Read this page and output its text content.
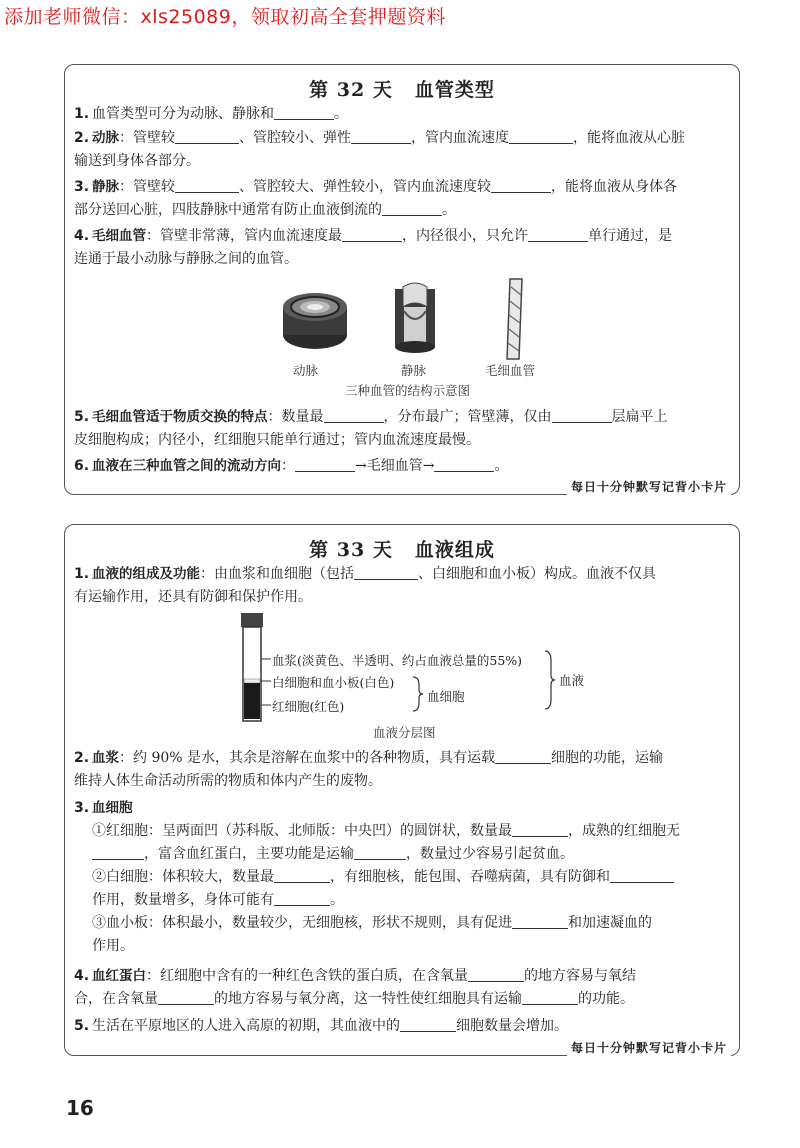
添加老师微信：xls25089，领取初高全套押题资料
第 32 天 血管类型
1. 血管类型可分为动脉、静脉和	。
2. 动脉：管壁较	、管腔较小、弹性	，管内血流速度	，能将血液从心脏
输送到身体各部分。
3. 静脉：管壁较	、管腔较大、弹性较小，管内血流速度较	，能将血液从身体各
部分送回心脏，四肢静脉中通常有防止血液倒流的	。
4. 毛细血管：管壁非常薄，管内血流速度最	，内径很小，只允许	单行通过，是
连通于最小动脉与静脉之间的血管。
动脉	静脉	毛细血管
三种血管的结构示意图
5. 毛细血管适于物质交换的特点：数量最	，分布最广；管壁薄，仅由	层扁平上
皮细胞构成；内径小，红细胞只能单行通过；管内血流速度最慢。
6. 血液在三种血管之间的流动方向：	→毛细血管→	。
每日十分钟默写记背小卡片
第 33 天 血液组成
1. 血液的组成及功能：由血浆和血细胞（包括	、白细胞和血小板）构成。血液不仅具
有运输作用，还具有防御和保护作用。
血浆(淡黄色、半透明、约占血液总量的55%)
白细胞和血小板(白色)
红细胞(红色)
血细胞
血液
血液分层图
2. 血浆：约 90% 是水，其余是溶解在血浆中的各种物质，具有运载	细胞的功能，运输
维持人体生命活动所需的物质和体内产生的废物。
3. 血细胞

①红细胞：呈两面凹（苏科版、北师版：中央凹）的圆饼状，数量最	，成熟的红细胞无
，富含血红蛋白，主要功能是运输	，数量过少容易引起贫血。
②白细胞：体积较大，数量最	，有细胞核，能包围、吞噬病菌，具有防御和
作用，数量增多，身体可能有	。
③血小板：体积最小，数量较少，无细胞核，形状不规则，具有促进	和加速凝血的
作用。
4. 血红蛋白：红细胞中含有的一种红色含铁的蛋白质，在含氧量	的地方容易与氧结
合，在含氧量	的地方容易与氧分离，这一特性使红细胞具有运输	的功能。
5. 生活在平原地区的人进入高原的初期，其血液中的	细胞数量会增加。
每日十分钟默写记背小卡片
16
